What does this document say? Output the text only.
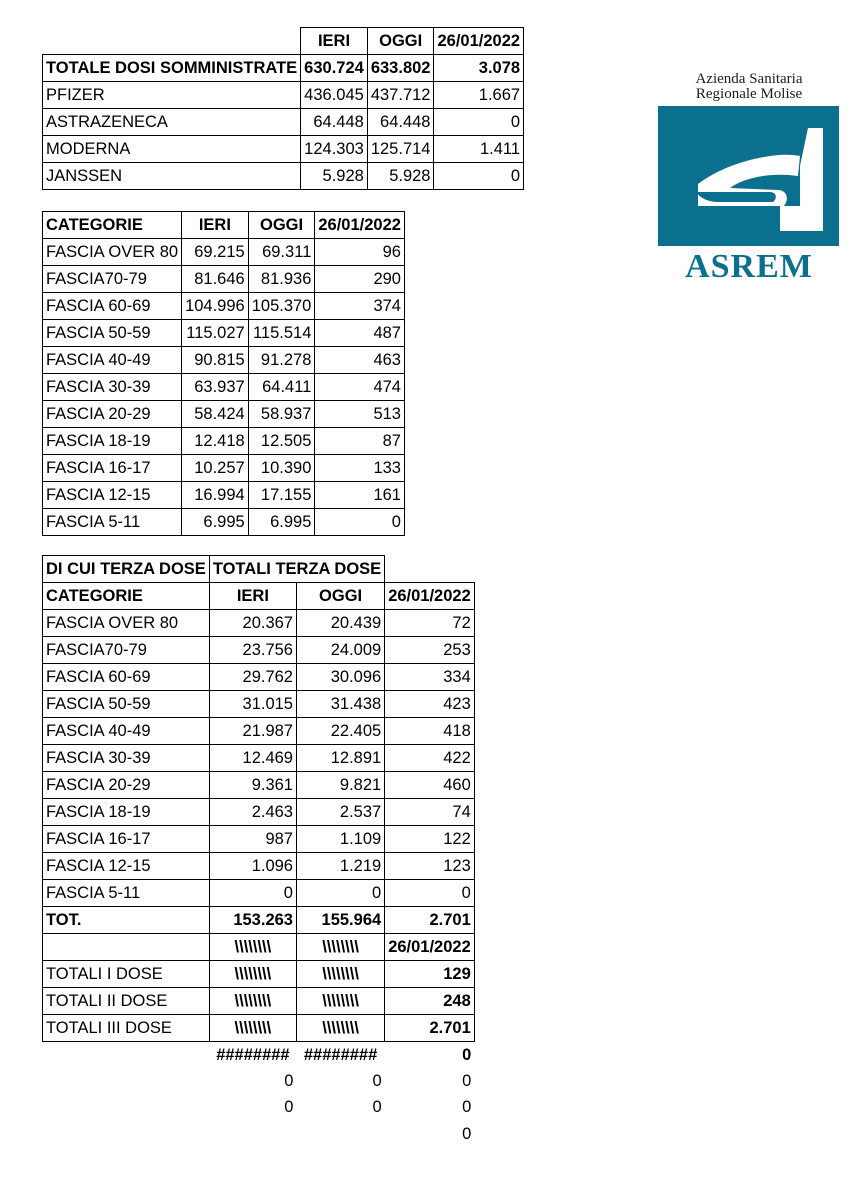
	IERI	OGGI	26/01/2022
TOTALE DOSI SOMMINISTRATE	630.724	633.802	3.078
PFIZER	436.045	437.712	1.667
ASTRAZENECA	64.448	64.448	0
MODERNA	124.303	125.714	1.411
JANSSEN	5.928	5.928	0
CATEGORIE	IERI	OGGI	26/01/2022
FASCIA OVER 80	69.215	69.311	96
FASCIA70-79	81.646	81.936	290
FASCIA 60-69	104.996	105.370	374
FASCIA 50-59	115.027	115.514	487
FASCIA 40-49	90.815	91.278	463
FASCIA 30-39	63.937	64.411	474
FASCIA 20-29	58.424	58.937	513
FASCIA 18-19	12.418	12.505	87
FASCIA 16-17	10.257	10.390	133
FASCIA 12-15	16.994	17.155	161
FASCIA 5-11	6.995	6.995	0
DI CUI TERZA DOSE	TOTALI TERZA DOSE		
CATEGORIE	IERI	OGGI	26/01/2022
FASCIA OVER 80	20.367	20.439	72
FASCIA70-79	23.756	24.009	253
FASCIA 60-69	29.762	30.096	334
FASCIA 50-59	31.015	31.438	423
FASCIA 40-49	21.987	22.405	418
FASCIA 30-39	12.469	12.891	422
FASCIA 20-29	9.361	9.821	460
FASCIA 18-19	2.463	2.537	74
FASCIA 16-17	987	1.109	122
FASCIA 12-15	1.096	1.219	123
FASCIA 5-11	0	0	0
TOT.	153.263	155.964	2.701
	\\\\\\\\	\\\\\\\\	26/01/2022
TOTALI I DOSE	\\\\\\\\	\\\\\\\\	129
TOTALI II DOSE	\\\\\\\\	\\\\\\\\	248
TOTALI III DOSE	\\\\\\\\	\\\\\\\\	2.701
	########	########	0
	0	0	0
	0	0	0
			0
Azienda Sanitaria
Regionale Molise
ASREM
